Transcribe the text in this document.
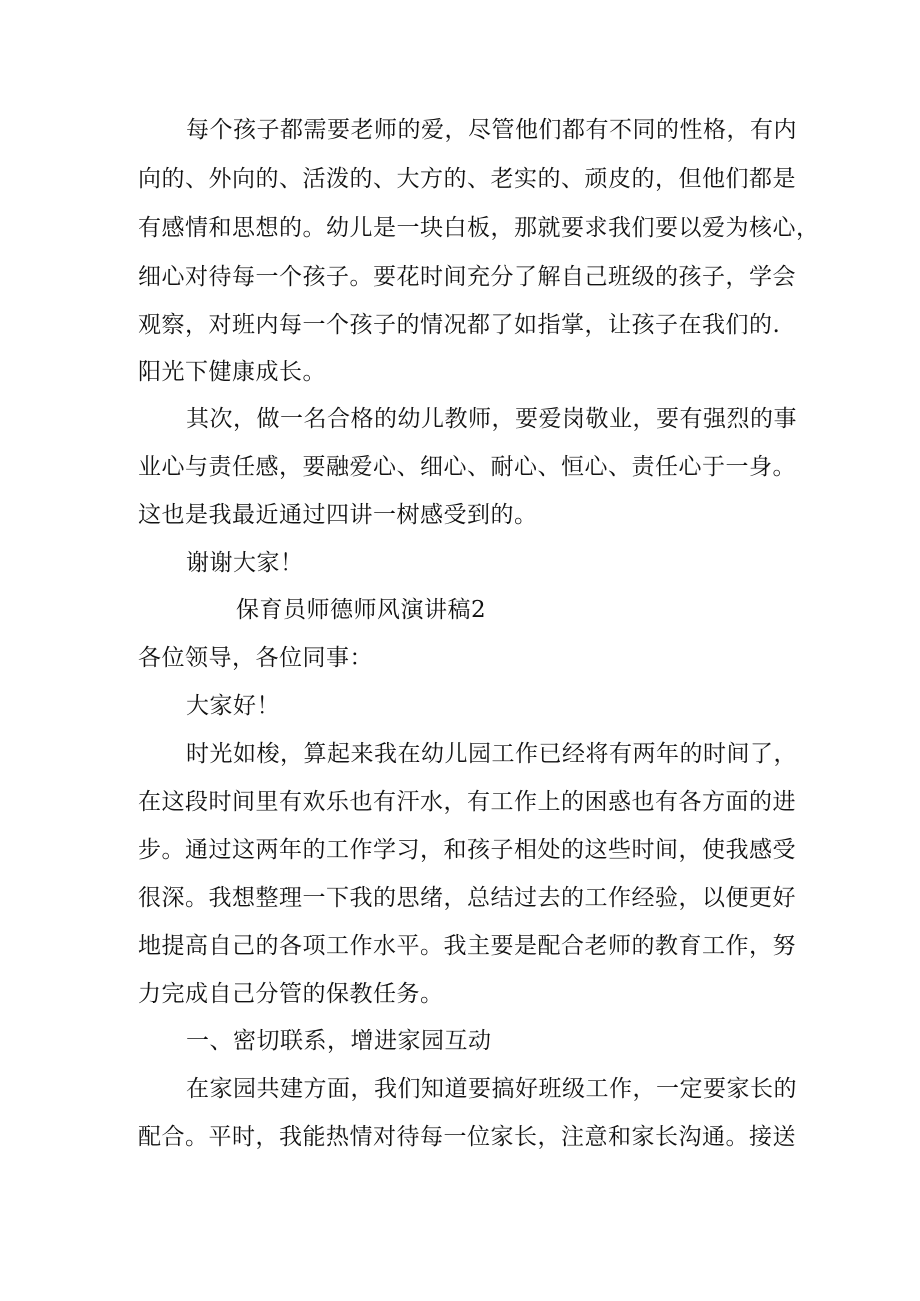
每个孩子都需要老师的爱，尽管他们都有不同的性格，有内
向的、外向的、活泼的、大方的、老实的、顽皮的，但他们都是
有感情和思想的。幼儿是一块白板，那就要求我们要以爱为核心，
细心对待每一个孩子。要花时间充分了解自己班级的孩子，学会
观察，对班内每一个孩子的情况都了如指掌，让孩子在我们的.
阳光下健康成长。
其次，做一名合格的幼儿教师，要爱岗敬业，要有强烈的事
业心与责任感，要融爱心、细心、耐心、恒心、责任心于一身。
这也是我最近通过四讲一树感受到的。
谢谢大家！
保育员师德师风演讲稿2
各位领导，各位同事：
大家好！
时光如梭，算起来我在幼儿园工作已经将有两年的时间了，
在这段时间里有欢乐也有汗水，有工作上的困惑也有各方面的进
步。通过这两年的工作学习，和孩子相处的这些时间，使我感受
很深。我想整理一下我的思绪，总结过去的工作经验，以便更好
地提高自己的各项工作水平。我主要是配合老师的教育工作，努
力完成自己分管的保教任务。
一、密切联系，增进家园互动
在家园共建方面，我们知道要搞好班级工作，一定要家长的
配合。平时，我能热情对待每一位家长，注意和家长沟通。接送
